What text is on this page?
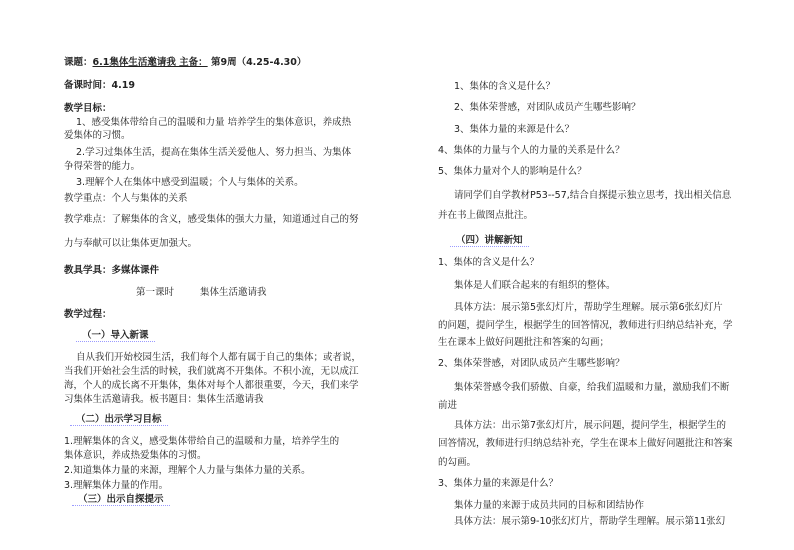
课题：6.1集体生活邀请我 主备： 第9周（4.25-4.30）
备课时间：4.19
教学目标：
1、感受集体带给自己的温暖和力量 培养学生的集体意识，养成热
爱集体的习惯。
2.学习过集体生活，提高在集体生活关爱他人、努力担当、为集体
争得荣誉的能力。
3.理解个人在集体中感受到温暖；个人与集体的关系。
教学重点：个人与集体的关系
教学难点：了解集体的含义，感受集体的强大力量，知道通过自己的努
力与奉献可以让集体更加强大。
教具学具：多媒体课件
第一课时	集体生活邀请我
教学过程：
（一）导入新课
自从我们开始校园生活，我们每个人都有属于自己的集体；或者说，
当我们开始社会生活的时候，我们就离不开集体。不积小流，无以成江
海，个人的成长离不开集体，集体对每个人都很重要，今天，我们来学
习集体生活邀请我。板书题目：集体生活邀请我
（二）出示学习目标
1.理解集体的含义，感受集体带给自己的温暖和力量，培养学生的
集体意识，养成热爱集体的习惯。
2.知道集体力量的来源，理解个人力量与集体力量的关系。
3.理解集体力量的作用。
（三）出示自探提示
1、集体的含义是什么？
2、集体荣誉感，对团队成员产生哪些影响？
3、集体力量的来源是什么？
4、集体的力量与个人的力量的关系是什么？
5、集体力量对个人的影响是什么？
请同学们自学教材P53--57,结合自探提示独立思考，找出相关信息
并在书上做图点批注。
（四）讲解新知
1、集体的含义是什么？
集体是人们联合起来的有组织的整体。
具体方法：展示第5张幻灯片，帮助学生理解。展示第6张幻灯片
的问题，提问学生，根据学生的回答情况，教师进行归纳总结补充，学
生在课本上做好问题批注和答案的勾画；
2、集体荣誉感，对团队成员产生哪些影响？
集体荣誉感令我们骄傲、自豪，给我们温暖和力量，激励我们不断
前进
具体方法：出示第7张幻灯片，展示问题，提问学生，根据学生的
回答情况，教师进行归纳总结补充，学生在课本上做好问题批注和答案
的勾画。
3、集体力量的来源是什么？
集体力量的来源于成员共同的目标和团结协作
具体方法：展示第9-10张幻灯片，帮助学生理解。展示第11张幻
